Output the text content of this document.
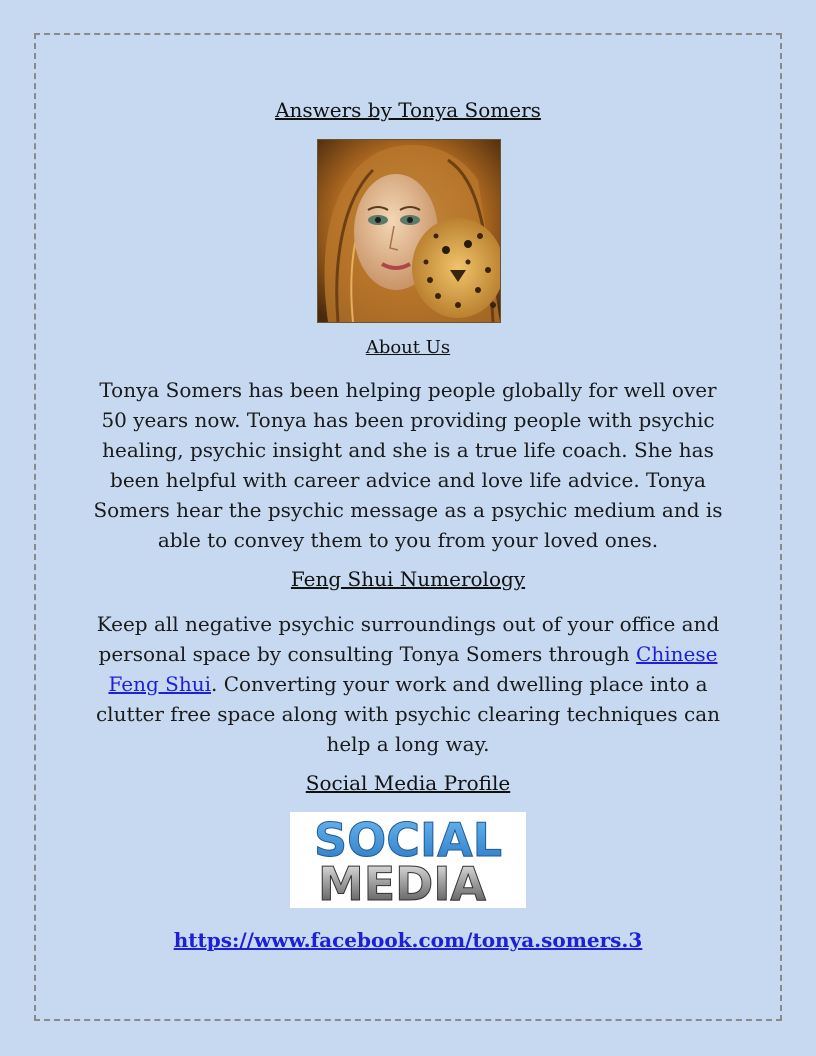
Answers by Tonya Somers
About Us

Tonya Somers has been helping people globally for well over 50 years now. Tonya has been providing people with psychic healing, psychic insight and she is a true life coach. She has been helpful with career advice and love life advice. Tonya Somers hear the psychic message as a psychic medium and is able to convey them to you from your loved ones.

Feng Shui Numerology

Keep all negative psychic surroundings out of your office and personal space by consulting Tonya Somers through Chinese Feng Shui. Converting your work and dwelling place into a clutter free space along with psychic clearing techniques can help a long way.

Social Media Profile
SOCIAL
MEDIA
https://www.facebook.com/tonya.somers.3
